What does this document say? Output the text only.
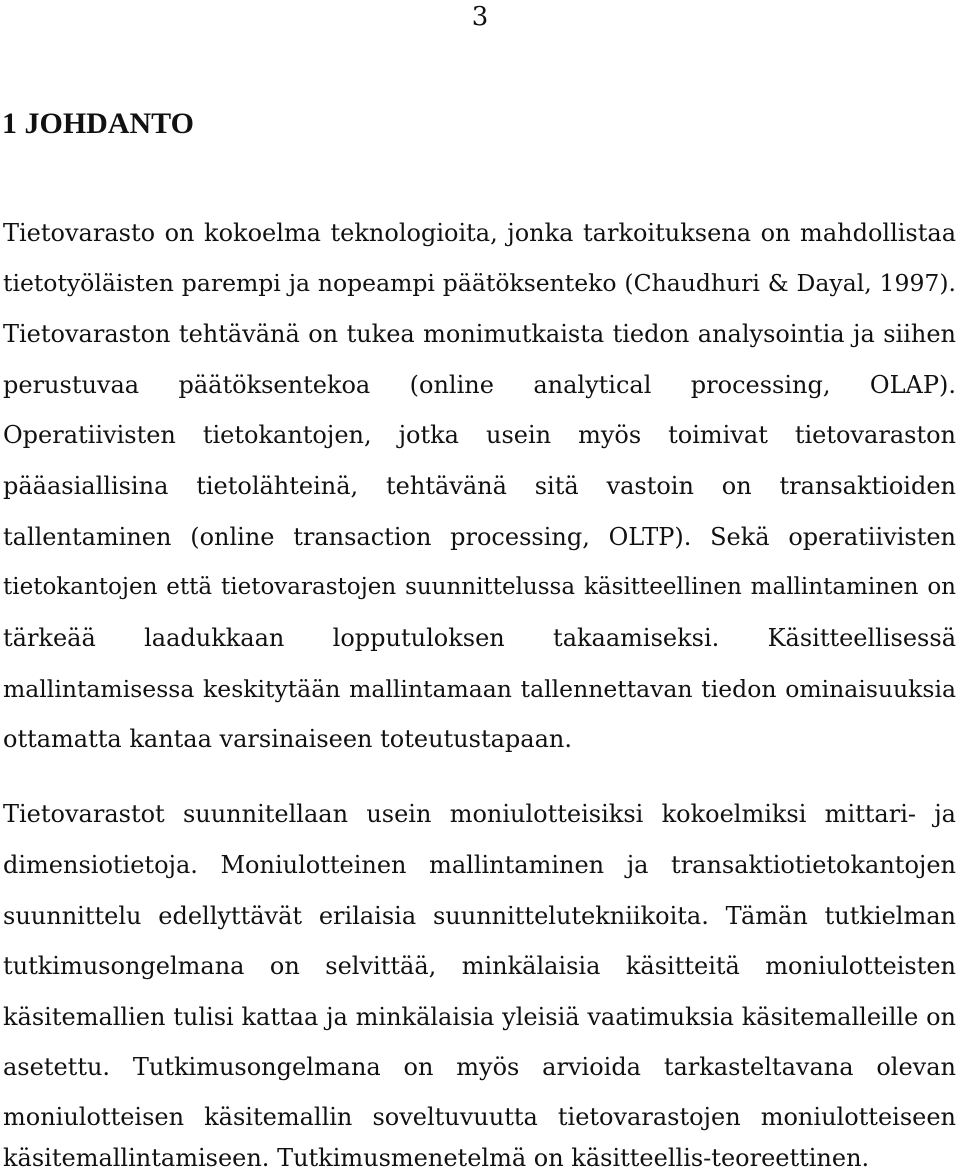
3
1 JOHDANTO
Tietovarasto on kokoelma teknologioita, jonka tarkoituksena on mahdollistaa
tietotyöläisten parempi ja nopeampi päätöksenteko (Chaudhuri & Dayal, 1997).
Tietovaraston tehtävänä on tukea monimutkaista tiedon analysointia ja siihen
perustuvaa päätöksentekoa (online analytical processing, OLAP).
Operatiivisten tietokantojen, jotka usein myös toimivat tietovaraston
pääasiallisina tietolähteinä, tehtävänä sitä vastoin on transaktioiden
tallentaminen (online transaction processing, OLTP). Sekä operatiivisten
tietokantojen että tietovarastojen suunnittelussa käsitteellinen mallintaminen on
tärkeää laadukkaan lopputuloksen takaamiseksi. Käsitteellisessä
mallintamisessa keskitytään mallintamaan tallennettavan tiedon ominaisuuksia
ottamatta kantaa varsinaiseen toteutustapaan.
Tietovarastot suunnitellaan usein moniulotteisiksi kokoelmiksi mittari- ja
dimensiotietoja. Moniulotteinen mallintaminen ja transaktiotietokantojen
suunnittelu edellyttävät erilaisia suunnittelutekniikoita. Tämän tutkielman
tutkimusongelmana on selvittää, minkälaisia käsitteitä moniulotteisten
käsitemallien tulisi kattaa ja minkälaisia yleisiä vaatimuksia käsitemalleille on
asetettu. Tutkimusongelmana on myös arvioida tarkasteltavana olevan
moniulotteisen käsitemallin soveltuvuutta tietovarastojen moniulotteiseen
käsitemallintamiseen. Tutkimusmenetelmä on käsitteellis-teoreettinen.
